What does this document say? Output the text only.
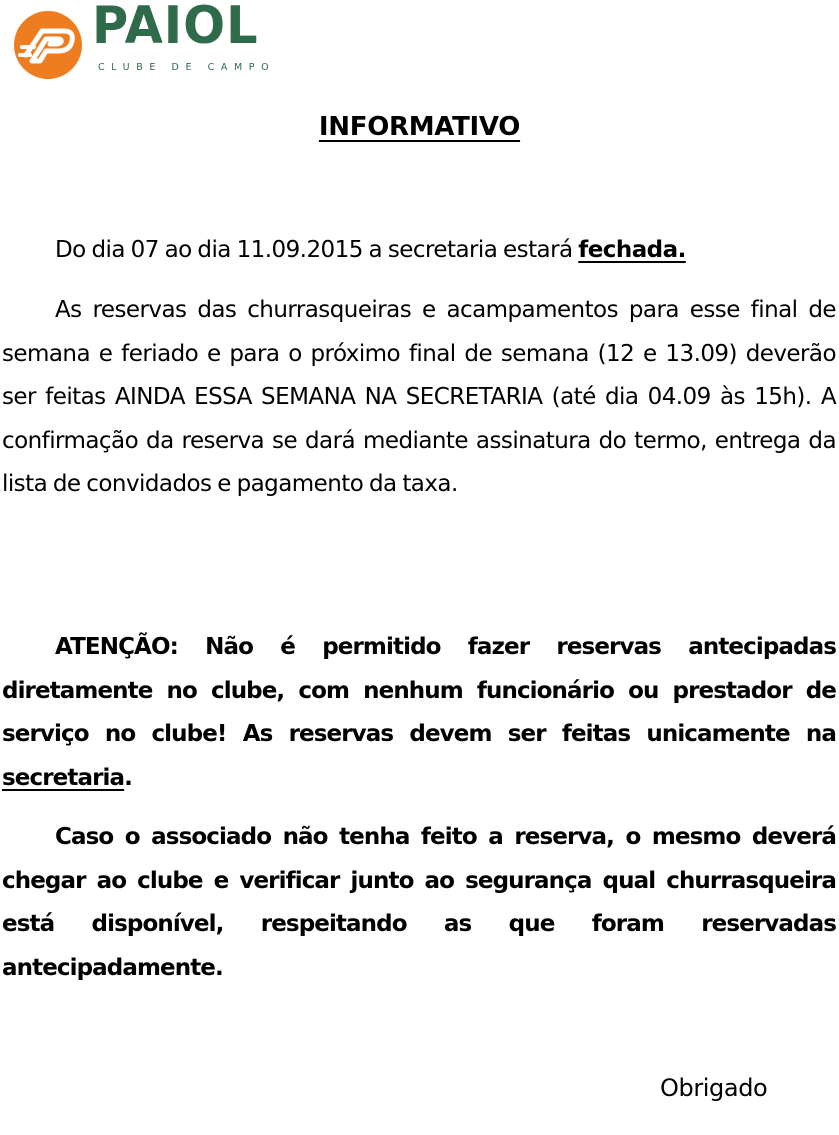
PAIOL
CLUBE DE CAMPO
INFORMATIVO

Do dia 07 ao dia 11.09.2015 a secretaria estará fechada.

As reservas das churrasqueiras e acampamentos para esse final de semana e feriado e para o próximo final de semana (12 e 13.09) deverão ser feitas AINDA ESSA SEMANA NA SECRETARIA (até dia 04.09 às 15h). A confirmação da reserva se dará mediante assinatura do termo, entrega da lista de convidados e pagamento da taxa.

ATENÇÃO: Não é permitido fazer reservas antecipadas diretamente no clube, com nenhum funcionário ou prestador de serviço no clube! As reservas devem ser feitas unicamente na secretaria.

Caso o associado não tenha feito a reserva, o mesmo deverá chegar ao clube e verificar junto ao segurança qual churrasqueira está disponível, respeitando as que foram reservadas antecipadamente.

Obrigado
